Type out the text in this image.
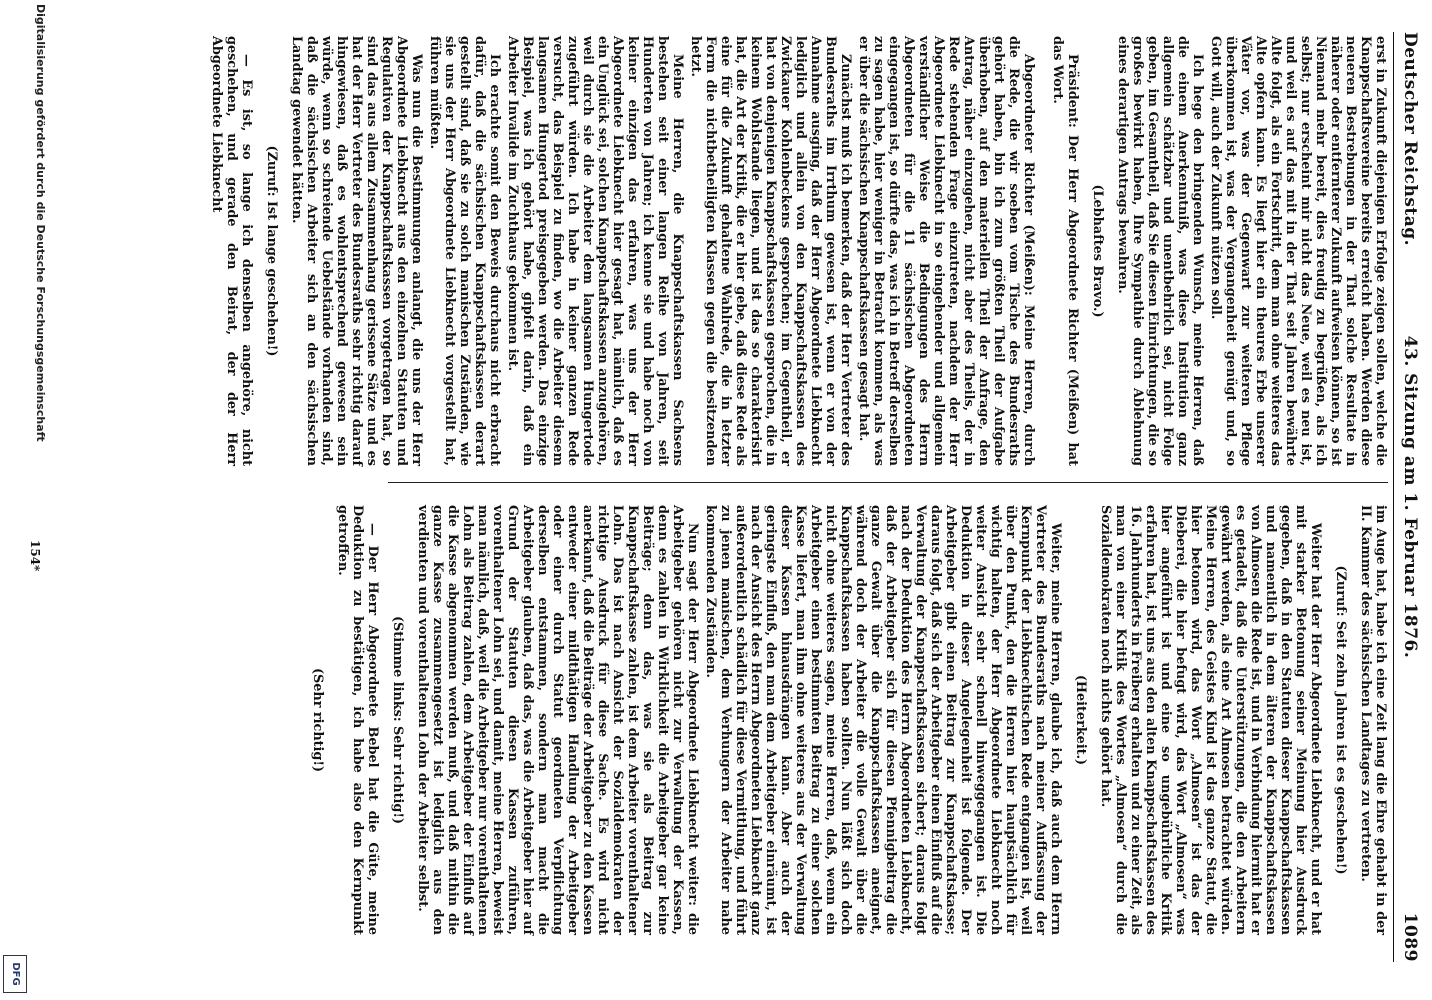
Deutscher Reichstag.
43. Sitzung am 1. Februar 1876.
1089

erst in Zukunft diejenigen Erfolge zeigen sollen, welche die Knappschaftsvereine bereits erreicht haben. Werden diese neueren Bestrebungen in der That solche Resultate in näherer oder entfernterer Zukunft aufweisen können, so ist Niemand mehr bereit, dies freudig zu begrüßen, als ich selbst; nur erscheint mir nicht das Neue, weil es neu ist, und weil es auf das mit in der That seit Jahren bewährte Alte folgt, als ein Fortschritt, dem man ohne weiteres das Alte opfern kann. Es liegt hier ein theures Erbe unserer Väter vor, was der Gegenwart zur weiteren Pflege überkommen ist, was der Vergangenheit genügt und, so Gott will, auch der Zukunft nützen soll.

Ich hege den bringenden Wunsch, meine Herren, daß die einem Anerkenntniß, was diese Institution ganz allgemein schätzbar und unentbehrlich sei, nicht Folge geben, im Gesamtheil, daß Sie diesen Einrichtungen, die so großes bewirkt haben, Ihre Sympathie durch Ablehnung eines derartigen Antrags bewahren.

(Lebhaftes Bravo.)

Präsident: Der Herr Abgeordnete Richter (Meißen) hat das Wort.

Abgeordneter Richter (Meißen): Meine Herren, durch die Rede, die wir soeben vom Tische des Bundesraths gehört haben, bin ich zum größten Theil der Aufgabe überhoben, auf den materiellen Theil der Anfrage, den Antrag, näher einzugehen, nicht aber des Theils, der in Rede stehenden Frage einzutreten, nachdem der Herr Abgeordnete Liebknecht in so eingehender und allgemein verständlicher Weise die Bedingungen des Herrn Abgeordneten für die 11 sächsischen Abgeordneten eingegangen ist, so dürfte das, was ich in Betreff derselben zu sagen habe, hier weniger in Betracht kommen, als was er über die sächsischen Knappschaftskassen gesagt hat.

Zunächst muß ich bemerken, daß der Herr Vertreter des Bundesraths im Irrthum gewesen ist, wenn er von der Annahme ausging, daß der Herr Abgeordnete Liebknecht lediglich und allein von den Knappschaftskassen des Zwickauer Kohlenbeckens gesprochen; im Gegentheil, er hat von denjenigen Knappschaftskassen gesprochen, die in keinem Wohlstande liegen, und ist das so charakterisirt hat, die Art der Kritik, die er hier gebe, daß diese Rede als eine für die Zukunft gehaltene Wahlrede, die in letzter Form die nichtbetheiligten Klassen gegen die besitzenden hetzt.

Meine Herren, die Knappschaftskassen Sachsens bestehen seit einer langen Reihe von Jahren, seit Hunderten von Jahren; ich kenne sie und habe noch von keiner einzigen das erfahren, was uns der Herr Abgeordnete Liebknecht hier gesagt hat, nämlich, daß es ein Unglück sei, solchen Knappschaftskassen anzugehören, weil durch sie die Arbeiter dem langsamen Hungertode zugeführt würden. Ich habe in keiner ganzen Rede versucht, das Beispiel zu finden, wo die Arbeiter diesem langsamen Hungertod preisgegeben werden. Das einzige Beispiel, was ich gehört habe, gipfelt darin, daß ein Arbeiter Invalide im Zuchthaus gekommen ist.

Ich erachte somit den Beweis durchaus nicht erbracht dafür, daß die sächsischen Knappschaftskassen derart gestellt sind, daß sie zu solch manischen Zuständen, wie sie uns der Herr Abgeordnete Liebknecht vorgestellt hat, führen müßten.

Was nun die Bestimmungen anlangt, die uns der Herr Abgeordnete Liebknecht aus den einzelnen Statuten und Regulativen der Knappschaftskassen vorgetragen hat, so sind das aus allem Zusammenhang gerissene Sätze und es hat der Herr Vertreter des Bundesraths sehr richtig darauf hingewiesen, daß es wohlentsprechend gewesen sein würde, wenn so schreiende Uebelstände vorhanden sind, daß die sächsischen Arbeiter sich an den sächsischen Landtag gewendet hätten.

(Zuruf: Ist lange geschehen!)

— Es ist, so lange ich denselben angehöre, nicht geschehen, und gerade den Beirat, der der Herr Abgeordnete Liebknecht

im Auge hat, habe ich eine Zeit lang die Ehre gehabt in der II. Kammer des sächsischen Landtages zu vertreten.

(Zuruf: Seit zehn Jahren ist es geschehen!)

Weiter hat der Herr Abgeordnete Liebknecht, und er hat mit starker Betonung seiner Meinung hier Ausdruck gegeben, daß in den Statuten dieser Knappschaftskassen und namentlich in dem älteren der Knappschaftskassen von Almosen die Rede ist, und in Verbindung hiermit hat er es getadelt, daß die Unterstützungen, die den Arbeitern gewährt werden, als eine Art Almosen betrachtet würden. Meine Herren, des Geistes Kind ist das ganze Statut, die hier betonen wird, das Wort „Almosen“ ist das der Dieberei, die hier befugt wird, das Wort „Almosen“ was hier angeführt ist und eine so ungebührliche Kritik erfahren hat, ist uns aus den alten Knappschaftskassen des 16. Jahrhunderts in Freiberg erhalten und zu einer Zeit, als man von einer Kritik des Wortes „Almosen“ durch die Sozialdemokraten noch nichts gehört hat.

(Heiterkeit.)

Weiter, meine Herren, glaube ich, daß auch dem Herrn Vertreter des Bundesraths nach meiner Auffassung der Kernpunkt der Liebknechtischen Rede entgangen ist, weil über den Punkt, den die Herren hier hauptsächlich für wichtig halten, der Herr Abgeordnete Liebknecht noch weiter Ansicht sehr schnell hinweggegangen ist. Die Deduktion in dieser Angelegenheit ist folgende. Der Arbeitgeber gibt einen Beitrag zur Knappschaftskasse; daraus folgt, daß sich der Arbeitgeber einen Einfluß auf die Verwaltung der Knappschaftskassen sichert; daraus folgt nach der Deduktion des Herrn Abgeordneten Liebknecht, daß der Arbeitgeber sich für diesen Pfennigbeitrag die ganze Gewalt über die Knappschaftskassen aneignet, während doch der Arbeiter die volle Gewalt über die Knappschaftskassen haben sollten. Nun läßt sich doch nicht ohne weiteres sagen, meine Herren, daß, wenn ein Arbeitgeber einen bestimmten Beitrag zu einer solchen Kasse liefert, man ihm ohne weiteres aus der Verwaltung dieser Kassen hinausdrängen kann. Aber auch der geringste Einfluß, den man dem Arbeitgeber einräumt, ist nach der Ansicht des Herrn Abgeordneten Liebknecht ganz außerordentlich schädlich für diese Vermittlung, und führt zu jenen manischen, dem Verhungern der Arbeiter nahe kommenden Zuständen.

Nun sagt der Herr Abgeordnete Liebknecht weiter: die Arbeitgeber gehören nicht zur Verwaltung der Kassen, denn es zahlen in Wirklichkeit die Arbeitgeber gar keine Beiträge; denn das, was sie als Beitrag zur Knappschaftskasse zahlen, ist dem Arbeiter vorenthaltener Lohn. Das ist nach Ansicht der Sozialdemokraten der richtige Ausdruck für diese Sache. Es wird nicht anerkannt, daß die Beiträge der Arbeitgeber zu den Kassen entweder einer mildthätigen Handlung der Arbeitgeber oder einer durch Statut geordneten Verpflichtung derselben entstammen, sondern man macht die Arbeitgeber glauben, daß das, was die Arbeitgeber hier auf Grund der Statuten diesen Kassen zuführen, vorenthaltener Lohn sei, und damit, meine Herren, beweist man nämlich, daß, weil die Arbeitgeber nur vorenthaltenen Lohn als Beitrag zahlen, dem Arbeitgeber der Einfluß auf die Kasse abgenommen werden muß, und daß mithin die ganze Kasse zusammengesetzt ist lediglich aus den verdienten und vorenthaltenen Lohn der Arbeiter selbst.

(Stimme links: Sehr richtig!)

— Der Herr Abgeordnete Bebel hat die Güte, meine Deduktion zu bestätigen, ich habe also den Kernpunkt getroffen.

(Sehr richtig!)

154*
Digitalisierung gefördert durch die Deutsche Forschungsgemeinschaft
DFG
